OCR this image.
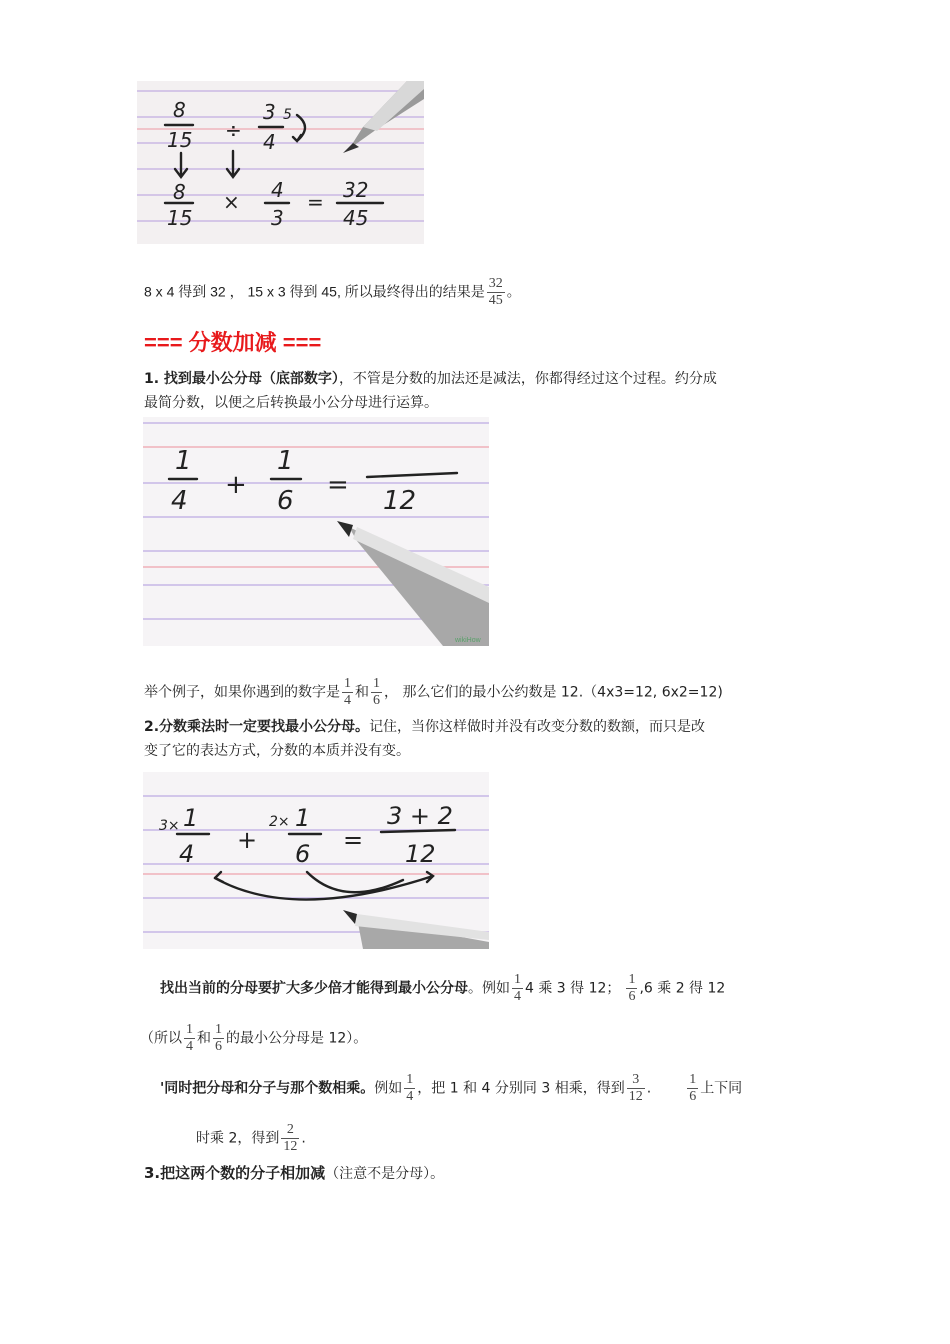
8
15 ÷
3
4
5
8
15
× 4
3
= 32
45
8 x 4 得到 32 ， 15 x 3 得到 45, 所以最终得出的结果是 $\frac{32}{45}$ 。
=== 分数加减 ===
1. 找到最小公分母（底部数字），不管是分数的加法还是减法，你都得经过这个过程。约分成
最简分数，以便之后转换最小公分母进行运算。
1
4
+
1
6
=
12
wikiHow
举个例子，如果你遇到的数字是 $\frac{1}{4}$ 和 $\frac{1}{6}$ ， 那么它们的最小公约数是 12.（4x3=12, 6x2=12)
2.分数乘法时一定要找最小公分母。记住，当你这样做时并没有改变分数的数额，而只是改
变了它的表达方式，分数的本质并没有变。
3× 1
4 +
2× 1
6 =
3 + 2
12
找出当前的分母要扩大多少倍才能得到最小公分母。例如 $\frac{1}{4} 4$ 乘 3 得 12； $\frac{1}{6} ,6$ 乘 2 得 12
（所以 $\frac{1}{4}$ 和 $\frac{1}{6}$ 的最小公分母是 12）。
'同时把分母和分子与那个数相乘。例如 $\frac{1}{4}$ ，把 1 和 4 分别同 3 相乘，得到 $\frac{3}{12}$ .	$\frac{1}{6}$ 上下同
时乘 2，得到 $\frac{2}{12}$ .
3.把这两个数的分子相加减（注意不是分母）。
